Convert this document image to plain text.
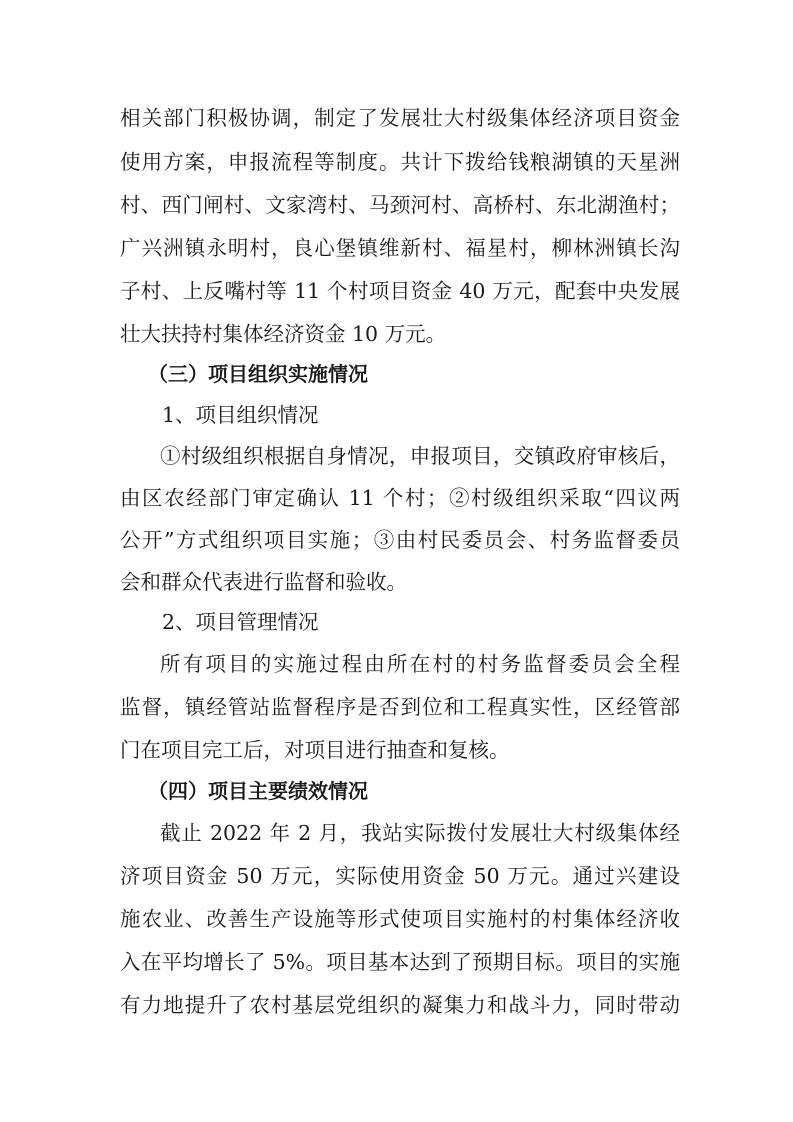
相关部门积极协调，制定了发展壮大村级集体经济项目资金
使用方案，申报流程等制度。共计下拨给钱粮湖镇的天星洲
村、西门闸村、文家湾村、马颈河村、高桥村、东北湖渔村；
广兴洲镇永明村，良心堡镇维新村、福星村，柳林洲镇长沟
子村、上反嘴村等 11 个村项目资金 40 万元，配套中央发展
壮大扶持村集体经济资金 10 万元。
（三）项目组织实施情况
1、项目组织情况
①村级组织根据自身情况，申报项目，交镇政府审核后，
由区农经部门审定确认 11 个村；②村级组织采取“四议两
公开”方式组织项目实施；③由村民委员会、村务监督委员
会和群众代表进行监督和验收。
2、项目管理情况
所有项目的实施过程由所在村的村务监督委员会全程
监督，镇经管站监督程序是否到位和工程真实性，区经管部
门在项目完工后，对项目进行抽查和复核。
（四）项目主要绩效情况
截止 2022 年 2 月，我站实际拨付发展壮大村级集体经
济项目资金 50 万元，实际使用资金 50 万元。通过兴建设
施农业、改善生产设施等形式使项目实施村的村集体经济收
入在平均增长了 5%。项目基本达到了预期目标。项目的实施
有力地提升了农村基层党组织的凝集力和战斗力，同时带动
